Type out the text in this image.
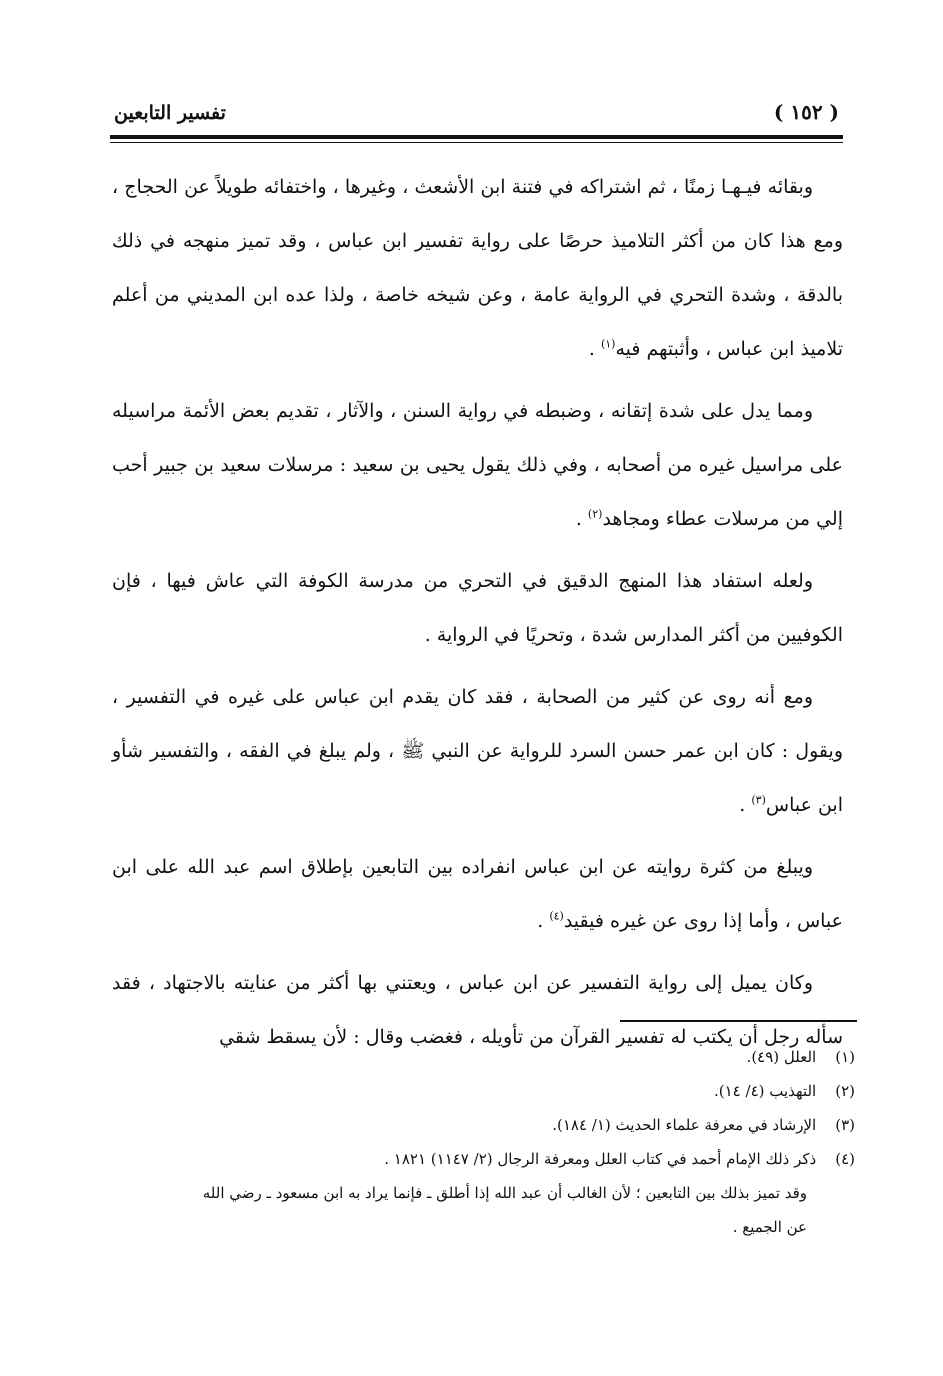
تفسير التابعين	( ١٥٢ )

وبقائه فيـهـا زمنًا ، ثم اشتراكه في فتنة ابن الأشعث ، وغيرها ، واختفائه طويلاً عن الحجاج ، ومع هذا كان من أكثر التلاميذ حرصًا على رواية تفسير ابن عباس ، وقد تميز منهجه في ذلك بالدقة ، وشدة التحري في الرواية عامة ، وعن شيخه خاصة ، ولذا عده ابن المديني من أعلم تلاميذ ابن عباس ، وأثبتهم فيه$^{(١)}$ .

ومما يدل على شدة إتقانه ، وضبطه في رواية السنن ، والآثار ، تقديم بعض الأئمة مراسيله على مراسيل غيره من أصحابه ، وفي ذلك يقول يحيى بن سعيد : مرسلات سعيد بن جبير أحب إلي من مرسلات عطاء ومجاهد$^{(٢)}$ .

ولعله استفاد هذا المنهج الدقيق في التحري من مدرسة الكوفة التي عاش فيها ، فإن الكوفيين من أكثر المدارس شدة ، وتحريًا في الرواية .

ومع أنه روى عن كثير من الصحابة ، فقد كان يقدم ابن عباس على غيره في التفسير ، ويقول : كان ابن عمر حسن السرد للرواية عن النبي ﷺ ، ولم يبلغ في الفقه ، والتفسير شأو ابن عباس$^{(٣)}$ .

ويبلغ من كثرة روايته عن ابن عباس انفراده بين التابعين بإطلاق اسم عبد الله على ابن عباس ، وأما إذا روى عن غيره فيقيد$^{(٤)}$ .

وكان يميل إلى رواية التفسير عن ابن عباس ، ويعتني بها أكثر من عنايته بالاجتهاد ، فقد سأله رجل أن يكتب له تفسير القرآن من تأويله ، فغضب وقال : لأن يسقط شقي

(١) العلل (٤٩).

(٢) التهذيب (٤/ ١٤).

(٣) الإرشاد في معرفة علماء الحديث (١/ ١٨٤).

(٤) ذكر ذلك الإمام أحمد في كتاب العلل ومعرفة الرجال (٢/ ١١٤٧) ١٨٢١ .

وقد تميز بذلك بين التابعين ؛ لأن الغالب أن عبد الله إذا أطلق ـ فإنما يراد به ابن مسعود ـ رضي الله

عن الجميع .
